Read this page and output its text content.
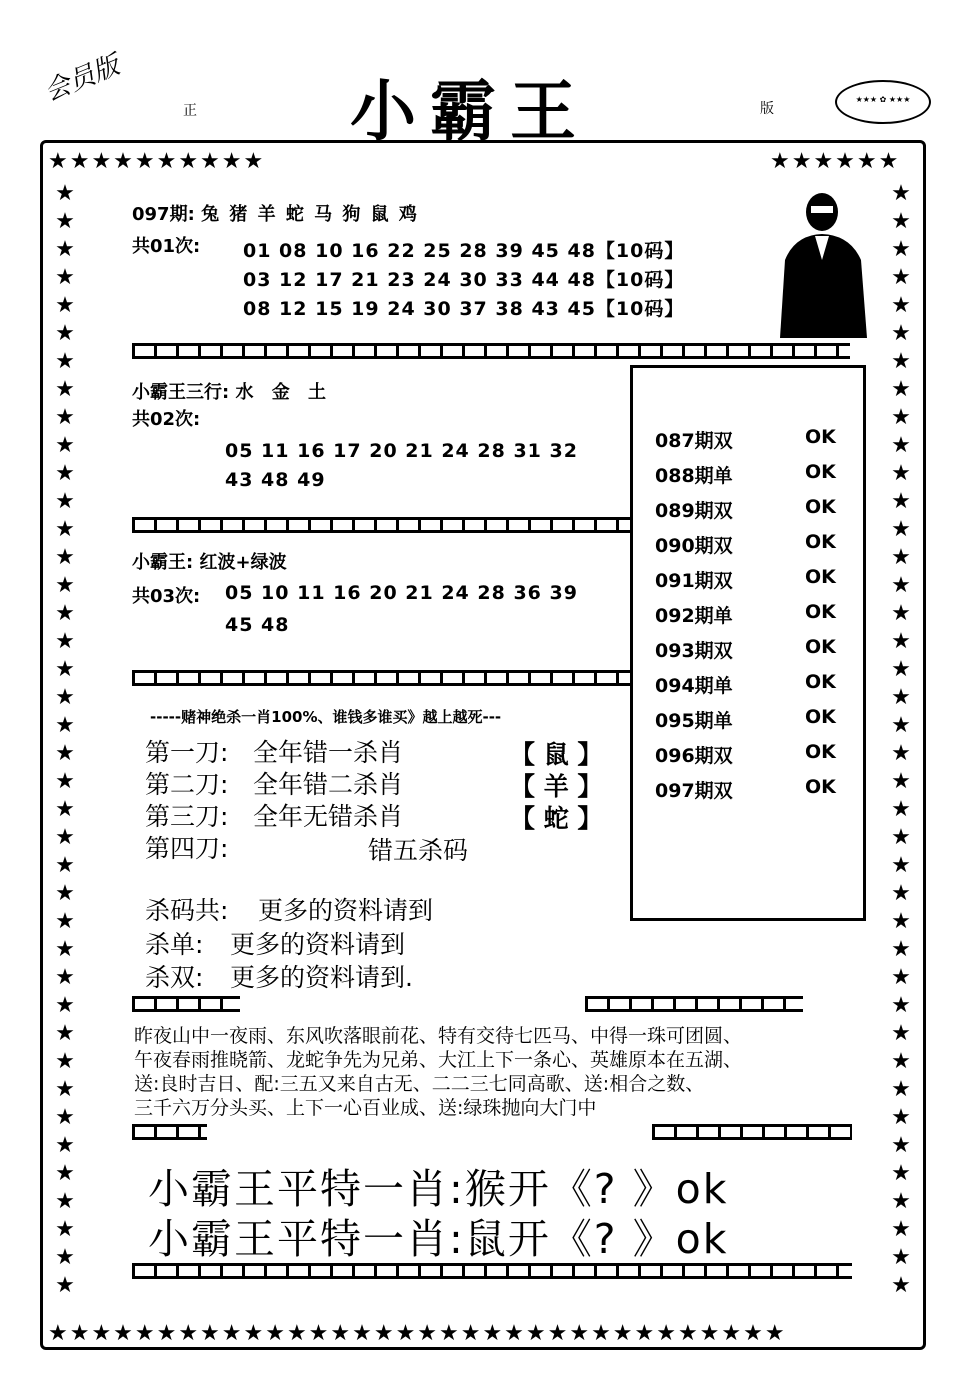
会员版
正 小霸王	版
★★★ ✿ ★★★
★★★★★★★★★★	★★★★★★
★★★★★★★★★★★★★★★★★★★★★★★★★★★★★★★★★★
★
★
★
★
★
★
★
★
★
★
★
★
★
★
★
★
★
★
★
★
★
★
★
★
★
★
★
★
★
★
★
★
★
★
★
★
★
★
★
★
★
★
★
★
★
★
★
★
★
★
★
★
★
★
★
★
★
★
★
★
★
★
★
★
★
★
★
★
★
★
★
★
★
★
★
★
★
★
★
★
097期: 兔 猪 羊 蛇 马 狗 鼠 鸡
共01次: 01 08 10 16 22 25 28 39 45 48【10码】
03 12 17 21 23 24 30 33 44 48【10码】
08 12 15 19 24 30 37 38 43 45【10码】
小霸王三行: 水 金 土
共02次:
05 11 16 17 20 21 24 28 31 32
43 48 49
小霸王: 红波+绿波
共03次: 05 10 11 16 20 21 24 28 36 39
45 48
-----赌神绝杀一肖100%、谁钱多谁买》越上越死---
第一刀: 全年错一杀肖	【 鼠 】
第二刀: 全年错二杀肖	【 羊 】
第三刀: 全年无错杀肖	【 蛇 】
第四刀:	错五杀码
杀码共: 更多的资料请到
杀单: 更多的资料请到
杀双: 更多的资料请到.
087期双	OK
088期单	OK
089期双	OK
090期双	OK
091期双	OK
092期单	OK
093期双	OK
094期单	OK
095期单	OK
096期双	OK
097期双	OK
昨夜山中一夜雨、东风吹落眼前花、特有交待七匹马、中得一珠可团圆、
午夜春雨推晓箭、龙蛇争先为兄弟、大江上下一条心、英雄原本在五湖、
送:良时吉日、配:三五又来自古无、二二三七同高歌、送:相合之数、
三千六万分头买、上下一心百业成、送:绿珠抛向大门中
小霸王平特一肖:猴开《? 》ok
小霸王平特一肖:鼠开《? 》ok
